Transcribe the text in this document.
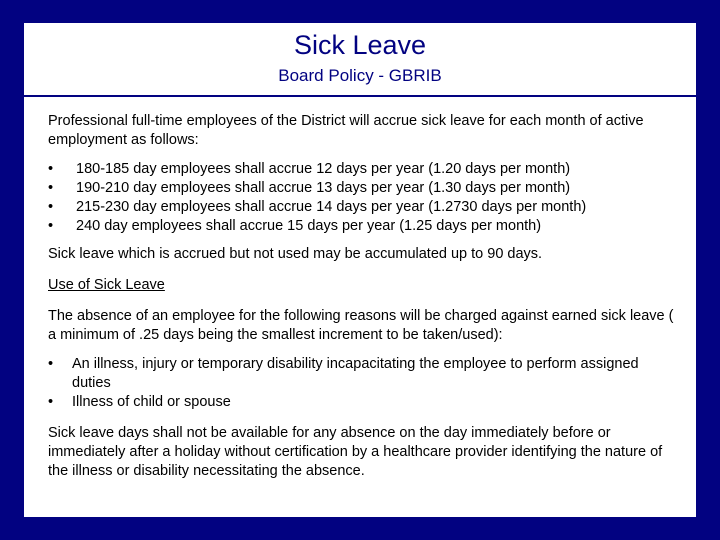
Sick Leave
Board Policy - GBRIB

Professional full-time employees of the District will accrue sick leave for each month of active employment as follows:

• 180-185 day employees shall accrue 12 days per year (1.20 days per month)
• 190-210 day employees shall accrue 13 days per year (1.30 days per month)
• 215-230 day employees shall accrue 14 days per year (1.2730 days per month)
• 240 day employees shall accrue 15 days per year (1.25 days per month)

Sick leave which is accrued but not used may be accumulated up to 90 days.

Use of Sick Leave

The absence of an employee for the following reasons will be charged against earned sick leave ( a minimum of .25 days being the smallest increment to be taken/used):

• An illness, injury or temporary disability incapacitating the employee to perform assigned duties
• Illness of child or spouse

Sick leave days shall not be available for any absence on the day immediately before or immediately after a holiday without certification by a healthcare provider identifying the nature of the illness or disability necessitating the absence.
